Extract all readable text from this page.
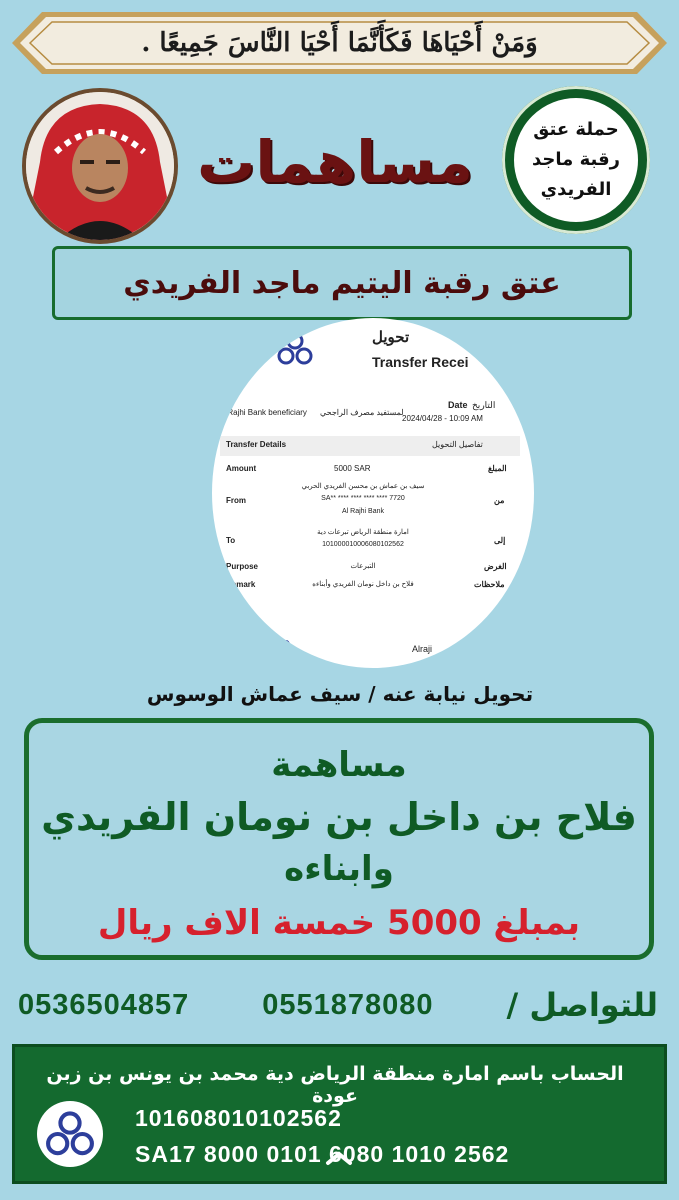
وَمَنْ أَحْيَاهَا فَكَأَنَّمَا أَحْيَا النَّاسَ جَمِيعًا .
مساهمات	حملة عتق
رقبة ماجد
الفريدي
عتق رقبة اليتيم ماجد الفريدي
bank
تحويل
Transfer Recei
Date التاريخ
2024/04/28 - 10:09 AM
Al Rajhi Bank beneficiary لمستفيد مصرف الراجحي
Transfer Details	تفاصيل التحويل
Amount	5000 SAR	المبلغ
From
سيف بن عماش بن محسن الفريدي الحربي
SA** **** **** **** **** 7720
Al Rajhi Bank
من
To
امارة منطقة الرياض تبرعات دية
101000010006080102562	إلى
Purpose	التبرعات	الغرض
Remark	فلاح بن داخل نومان الفريدي وأبناءه	ملاحظات
Alraji
تحويل نيابة عنه / سيف عماش الوسوس
مساهمة
فلاح بن داخل بن نومان الفريدي
وابناءه
بمبلغ 5000 خمسة الاف ريال
0536504857	0551878080 للتواصل /
الحساب باسم امارة منطقة الرياض دية محمد بن يونس بن زبن عودة
101608010102562
SA17 8000 0101 6080 1010 2562
